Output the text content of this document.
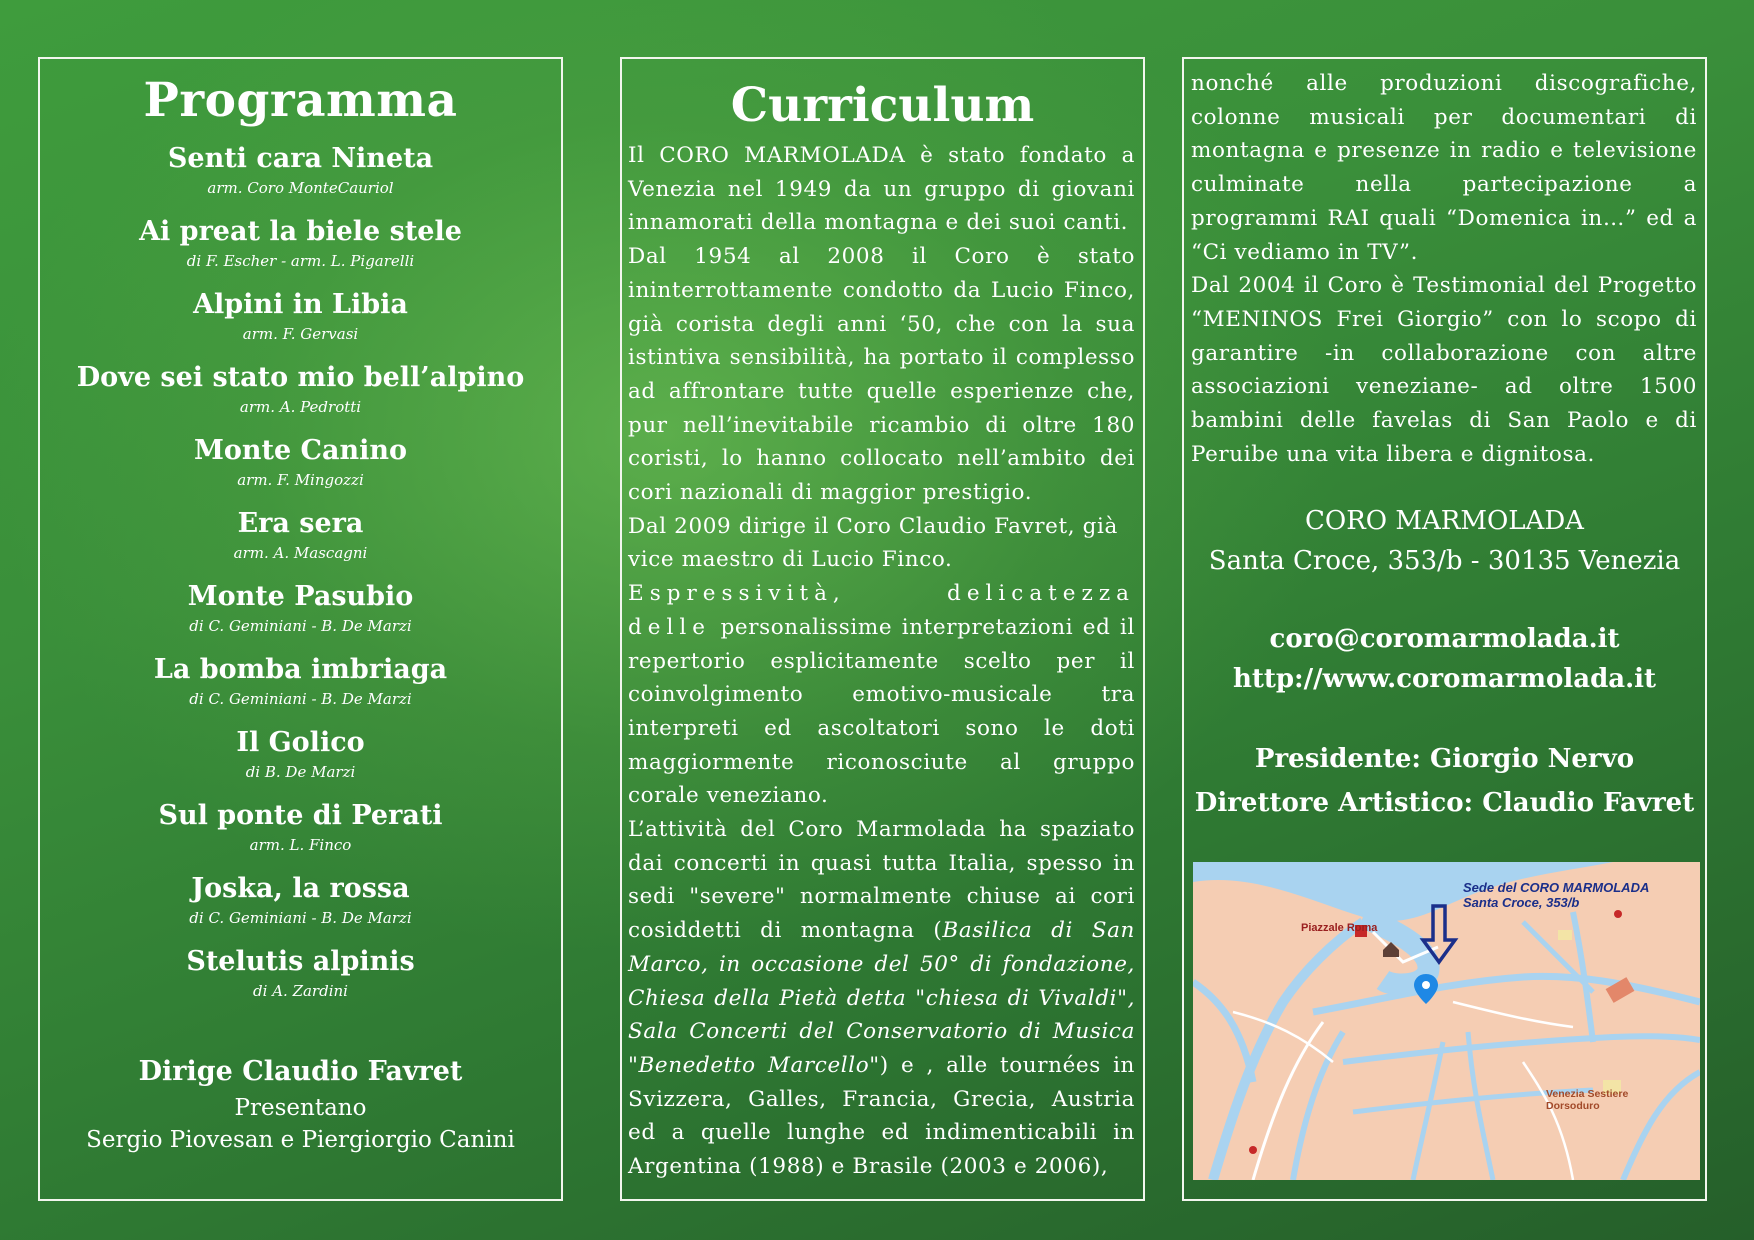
Programma
Senti cara Nineta
arm. Coro MonteCauriol
Ai preat la biele stele
di F. Escher - arm. L. Pigarelli
Alpini in Libia
arm. F. Gervasi
Dove sei stato mio bell’alpino
arm. A. Pedrotti
Monte Canino
arm. F. Mingozzi
Era sera
arm. A. Mascagni
Monte Pasubio
di C. Geminiani - B. De Marzi
La bomba imbriaga
di C. Geminiani - B. De Marzi
Il Golico
di B. De Marzi
Sul ponte di Perati
arm. L. Finco
Joska, la rossa
di C. Geminiani - B. De Marzi
Stelutis alpinis
di A. Zardini
Dirige Claudio Favret
Presentano
Sergio Piovesan e Piergiorgio Canini
Curriculum

Il CORO MARMOLADA è stato fondato a Venezia nel 1949 da un gruppo di giovani innamorati della montagna e dei suoi canti.

Dal 1954 al 2008 il Coro è stato ininterrottamente condotto da Lucio Finco, già corista degli anni ‘50, che con la sua istintiva sensibilità, ha portato il complesso ad affrontare tutte quelle esperienze che, pur nell’inevitabile ricambio di oltre 180 coristi, lo hanno collocato nell’ambito dei cori nazionali di maggior prestigio.

Dal 2009 dirige il Coro Claudio Favret, già vice maestro di Lucio Finco.

Espressività, delicatezza delle personalissime interpretazioni ed il repertorio esplicitamente scelto per il coinvolgimento emotivo-musicale tra interpreti ed ascoltatori sono le doti maggiormente riconosciute al gruppo corale veneziano.

L’attività del Coro Marmolada ha spaziato dai concerti in quasi tutta Italia, spesso in sedi "severe" normalmente chiuse ai cori cosiddetti di montagna (Basilica di San Marco, in occasione del 50° di fondazione, Chiesa della Pietà detta "chiesa di Vivaldi", Sala Concerti del Conservatorio di Musica "Benedetto Marcello") e , alle tournées in Svizzera, Galles, Francia, Grecia, Austria ed a quelle lunghe ed indimenticabili in Argentina (1988) e Brasile (2003 e 2006),

nonché alle produzioni discografiche, colonne musicali per documentari di montagna e presenze in radio e televisione culminate nella partecipazione a programmi RAI quali “Domenica in…” ed a “Ci vediamo in TV”.

Dal 2004 il Coro è Testimonial del Progetto “MENINOS Frei Giorgio” con lo scopo di garantire -in collaborazione con altre associazioni veneziane- ad oltre 1500 bambini delle favelas di San Paolo e di Peruibe una vita libera e dignitosa.

CORO MARMOLADA
Santa Croce, 353/b - 30135 Venezia
coro@coromarmolada.it
http://www.coromarmolada.it
Presidente: Giorgio Nervo
Direttore Artistico: Claudio Favret
Sede del CORO MARMOLADA
Santa Croce, 353/b
Piazzale Roma
Venezia Sestiere
Dorsoduro
